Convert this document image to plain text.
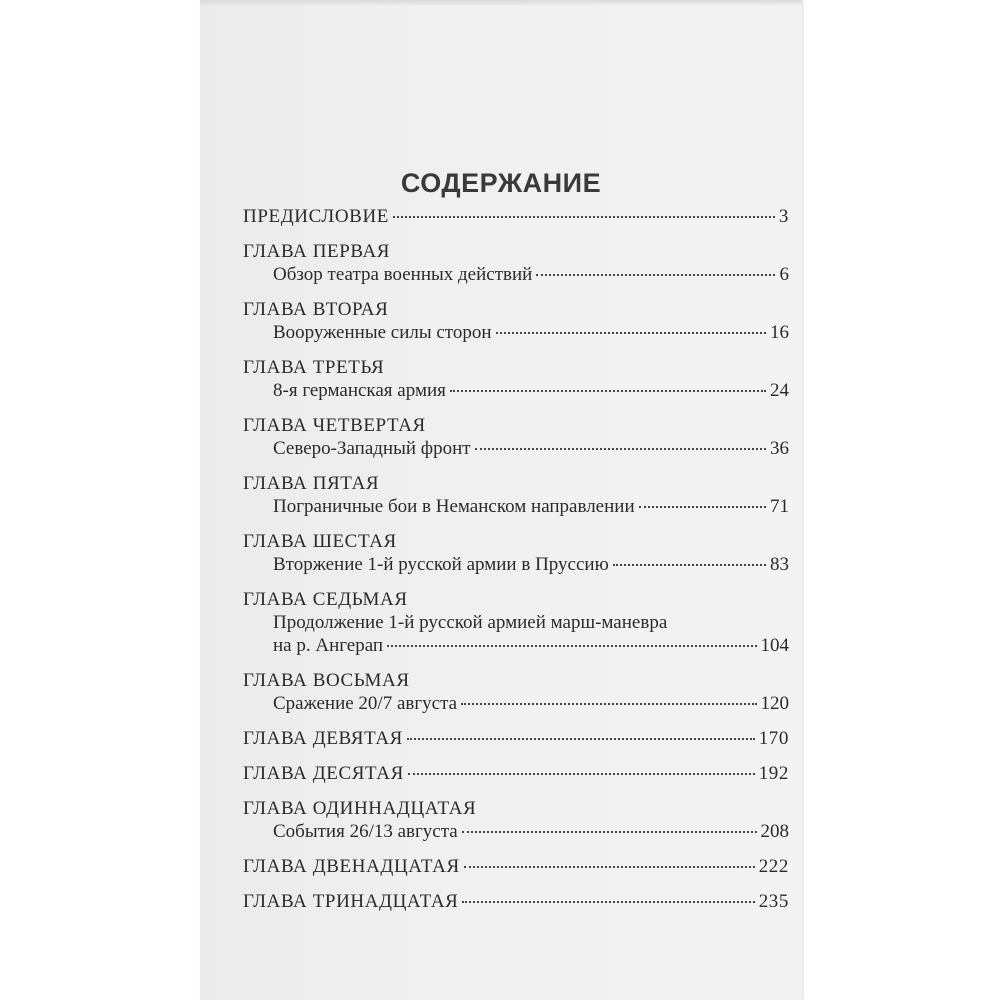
СОДЕРЖАНИЕ
ПРЕДИСЛОВИЕ	3
ГЛАВА ПЕРВАЯ
Обзор театра военных действий	6
ГЛАВА ВТОРАЯ
Вооруженные силы сторон	16
ГЛАВА ТРЕТЬЯ
8-я германская армия	24
ГЛАВА ЧЕТВЕРТАЯ
Северо-Западный фронт	36
ГЛАВА ПЯТАЯ
Пограничные бои в Неманском направлении	71
ГЛАВА ШЕСТАЯ
Вторжение 1-й русской армии в Пруссию	83
ГЛАВА СЕДЬМАЯ
Продолжение 1-й русской армией марш-маневра
на р. Ангерап	104
ГЛАВА ВОСЬМАЯ
Сражение 20/7 августа	120
ГЛАВА ДЕВЯТАЯ	170
ГЛАВА ДЕСЯТАЯ	192
ГЛАВА ОДИННАДЦАТАЯ
События 26/13 августа	208
ГЛАВА ДВЕНАДЦАТАЯ	222
ГЛАВА ТРИНАДЦАТАЯ	235
